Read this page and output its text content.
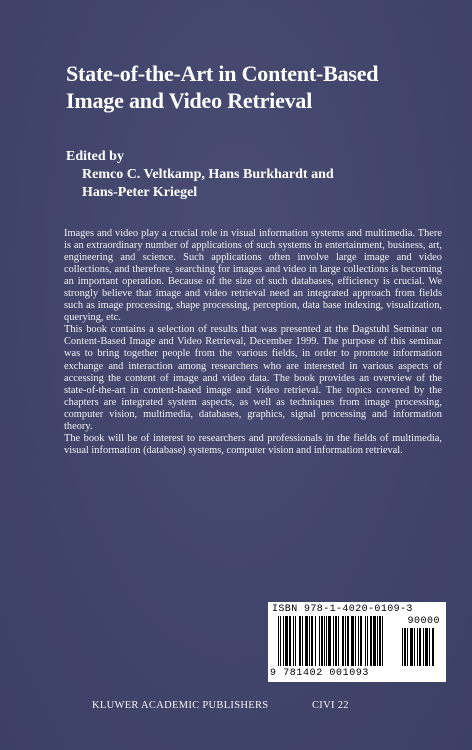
State-of-the-Art in Content-Based
Image and Video Retrieval
Edited by
Remco C. Veltkamp, Hans Burkhardt and
Hans-Peter Kriegel

Images and video play a crucial role in visual information systems and multimedia. There is an extraordinary number of applications of such systems in entertainment, business, art, engineering and science. Such applications often involve large image and video collections, and therefore, searching for images and video in large collections is becoming an important operation. Because of the size of such databases, efficiency is crucial. We strongly believe that image and video retrieval need an integrated approach from fields such as image processing, shape processing, perception, data base indexing, visualization, querying, etc.

This book contains a selection of results that was presented at the Dagstuhl Seminar on Content-Based Image and Video Retrieval, December 1999. The purpose of this seminar was to bring together people from the various fields, in order to promote information exchange and interaction among researchers who are interested in various aspects of accessing the content of image and video data. The book provides an overview of the state-of-the-art in content-based image and video retrieval. The topics covered by the chapters are integrated system aspects, as well as techniques from image processing, computer vision, multimedia, databases, graphics, signal processing and information theory.

The book will be of interest to researchers and professionals in the fields of multimedia, visual information (database) systems, computer vision and information retrieval.

ISBN 978-1-4020-0109-3
90000
9 781402 001093
KLUWER ACADEMIC PUBLISHERS	CIVI 22
